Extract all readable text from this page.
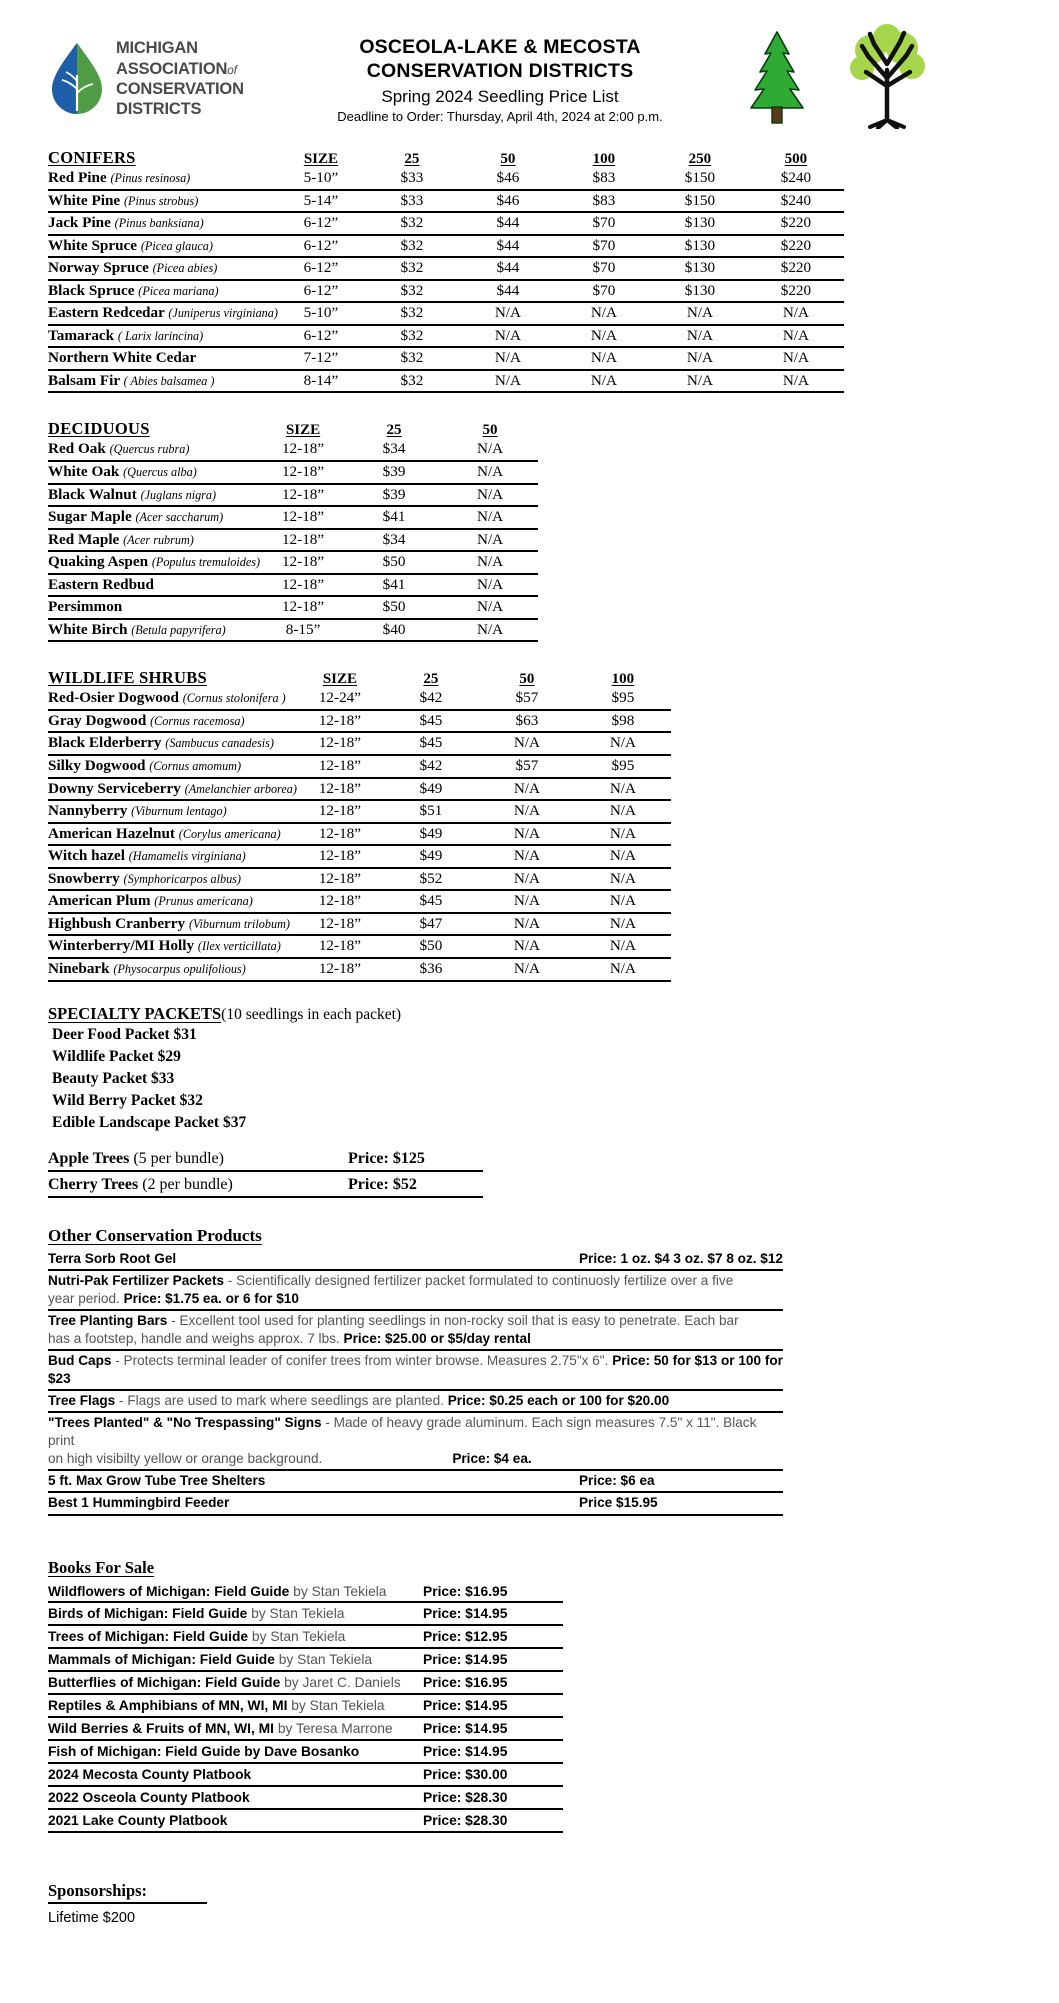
MICHIGAN ASSOCIATIONof
CONSERVATION DISTRICTS
OSCEOLA-LAKE & MECOSTA
CONSERVATION DISTRICTS
Spring 2024 Seedling Price List
Deadline to Order: Thursday, April 4th, 2024 at 2:00 p.m.
CONIFERS	SIZE	25	50	100	250	500
Red Pine (Pinus resinosa)	5-10”	$33	$46	$83	$150	$240
White Pine (Pinus strobus)	5-14”	$33	$46	$83	$150	$240
Jack Pine (Pinus banksiana)	6-12”	$32	$44	$70	$130	$220
White Spruce (Picea glauca)	6-12”	$32	$44	$70	$130	$220
Norway Spruce (Picea abies)	6-12”	$32	$44	$70	$130	$220
Black Spruce (Picea mariana)	6-12”	$32	$44	$70	$130	$220
Eastern Redcedar (Juniperus virginiana)	5-10”	$32	N/A	N/A	N/A	N/A
Tamarack ( Larix larincina)	6-12”	$32	N/A	N/A	N/A	N/A
Northern White Cedar	7-12”	$32	N/A	N/A	N/A	N/A
Balsam Fir ( Abies balsamea )	8-14”	$32	N/A	N/A	N/A	N/A
DECIDUOUS	SIZE	25	50
Red Oak (Quercus rubra)	12-18”	$34	N/A
White Oak (Quercus alba)	12-18”	$39	N/A
Black Walnut (Juglans nigra)	12-18”	$39	N/A
Sugar Maple (Acer saccharum)	12-18”	$41	N/A
Red Maple (Acer rubrum)	12-18”	$34	N/A
Quaking Aspen (Populus tremuloides)	12-18”	$50	N/A
Eastern Redbud	12-18”	$41	N/A
Persimmon	12-18”	$50	N/A
White Birch (Betula papyrifera)	8-15”	$40	N/A
WILDLIFE SHRUBS	SIZE	25	50	100
Red-Osier Dogwood (Cornus stolonifera )	12-24”	$42	$57	$95
Gray Dogwood (Cornus racemosa)	12-18”	$45	$63	$98
Black Elderberry (Sambucus canadesis)	12-18”	$45	N/A	N/A
Silky Dogwood (Cornus amomum)	12-18”	$42	$57	$95
Downy Serviceberry (Amelanchier arborea)	12-18”	$49	N/A	N/A
Nannyberry (Viburnum lentago)	12-18”	$51	N/A	N/A
American Hazelnut (Corylus americana)	12-18”	$49	N/A	N/A
Witch hazel (Hamamelis virginiana)	12-18”	$49	N/A	N/A
Snowberry (Symphoricarpos albus)	12-18”	$52	N/A	N/A
American Plum (Prunus americana)	12-18”	$45	N/A	N/A
Highbush Cranberry (Viburnum trilobum)	12-18”	$47	N/A	N/A
Winterberry/MI Holly (Ilex verticillata)	12-18”	$50	N/A	N/A
Ninebark (Physocarpus opulifolious)	12-18”	$36	N/A	N/A
SPECIALTY PACKETS(10 seedlings in each packet)
Deer Food Packet $31
Wildlife Packet $29
Beauty Packet $33
Wild Berry Packet $32
Edible Landscape Packet $37
Apple Trees (5 per bundle)	Price: $125
Cherry Trees (2 per bundle)	Price: $52
Other Conservation Products
Terra Sorb Root Gel	Price: 1 oz. $4 3 oz. $7 8 oz. $12
Nutri-Pak Fertilizer Packets - Scientifically designed fertilizer packet formulated to continuosly fertilize over a five
year period. Price: $1.75 ea. or 6 for $10	
Tree Planting Bars - Excellent tool used for planting seedlings in non-rocky soil that is easy to penetrate. Each bar
has a footstep, handle and weighs approx. 7 lbs. Price: $25.00 or $5/day rental	
Bud Caps - Protects terminal leader of conifer trees from winter browse. Measures 2.75"x 6". Price: 50 for $13 or 100 for $23	
Tree Flags - Flags are used to mark where seedlings are planted. Price: $0.25 each or 100 for $20.00	
"Trees Planted" & "No Trespassing" Signs - Made of heavy grade aluminum. Each sign measures 7.5" x 11". Black print
on high visibilty yellow or orange background. Price: $4 ea.	
5 ft. Max Grow Tube Tree Shelters	Price: $6 ea
Best 1 Hummingbird Feeder	Price $15.95
Books For Sale
Wildflowers of Michigan: Field Guide by Stan Tekiela	Price: $16.95
Birds of Michigan: Field Guide by Stan Tekiela	Price: $14.95
Trees of Michigan: Field Guide by Stan Tekiela	Price: $12.95
Mammals of Michigan: Field Guide by Stan Tekiela	Price: $14.95
Butterflies of Michigan: Field Guide by Jaret C. Daniels	Price: $16.95
Reptiles & Amphibians of MN, WI, MI by Stan Tekiela	Price: $14.95
Wild Berries & Fruits of MN, WI, MI by Teresa Marrone	Price: $14.95
Fish of Michigan: Field Guide by Dave Bosanko	Price: $14.95
2024 Mecosta County Platbook	Price: $30.00
2022 Osceola County Platbook	Price: $28.30
2021 Lake County Platbook	Price: $28.30
Sponsorships:
Lifetime $200
